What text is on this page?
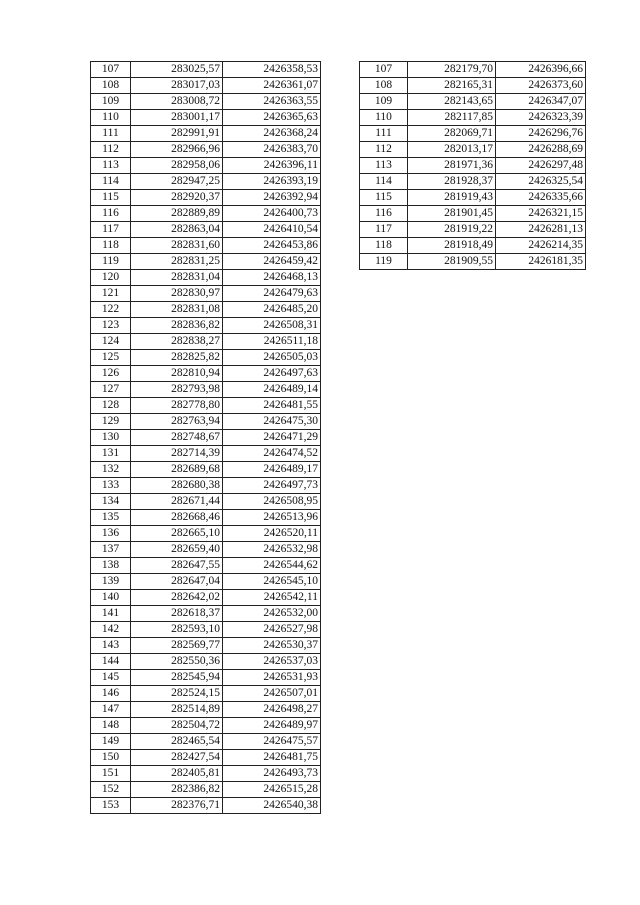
107	283025,57	2426358,53
108	283017,03	2426361,07
109	283008,72	2426363,55
110	283001,17	2426365,63
111	282991,91	2426368,24
112	282966,96	2426383,70
113	282958,06	2426396,11
114	282947,25	2426393,19
115	282920,37	2426392,94
116	282889,89	2426400,73
117	282863,04	2426410,54
118	282831,60	2426453,86
119	282831,25	2426459,42
120	282831,04	2426468,13
121	282830,97	2426479,63
122	282831,08	2426485,20
123	282836,82	2426508,31
124	282838,27	2426511,18
125	282825,82	2426505,03
126	282810,94	2426497,63
127	282793,98	2426489,14
128	282778,80	2426481,55
129	282763,94	2426475,30
130	282748,67	2426471,29
131	282714,39	2426474,52
132	282689,68	2426489,17
133	282680,38	2426497,73
134	282671,44	2426508,95
135	282668,46	2426513,96
136	282665,10	2426520,11
137	282659,40	2426532,98
138	282647,55	2426544,62
139	282647,04	2426545,10
140	282642,02	2426542,11
141	282618,37	2426532,00
142	282593,10	2426527,98
143	282569,77	2426530,37
144	282550,36	2426537,03
145	282545,94	2426531,93
146	282524,15	2426507,01
147	282514,89	2426498,27
148	282504,72	2426489,97
149	282465,54	2426475,57
150	282427,54	2426481,75
151	282405,81	2426493,73
152	282386,82	2426515,28
153	282376,71	2426540,38
107	282179,70	2426396,66
108	282165,31	2426373,60
109	282143,65	2426347,07
110	282117,85	2426323,39
111	282069,71	2426296,76
112	282013,17	2426288,69
113	281971,36	2426297,48
114	281928,37	2426325,54
115	281919,43	2426335,66
116	281901,45	2426321,15
117	281919,22	2426281,13
118	281918,49	2426214,35
119	281909,55	2426181,35
